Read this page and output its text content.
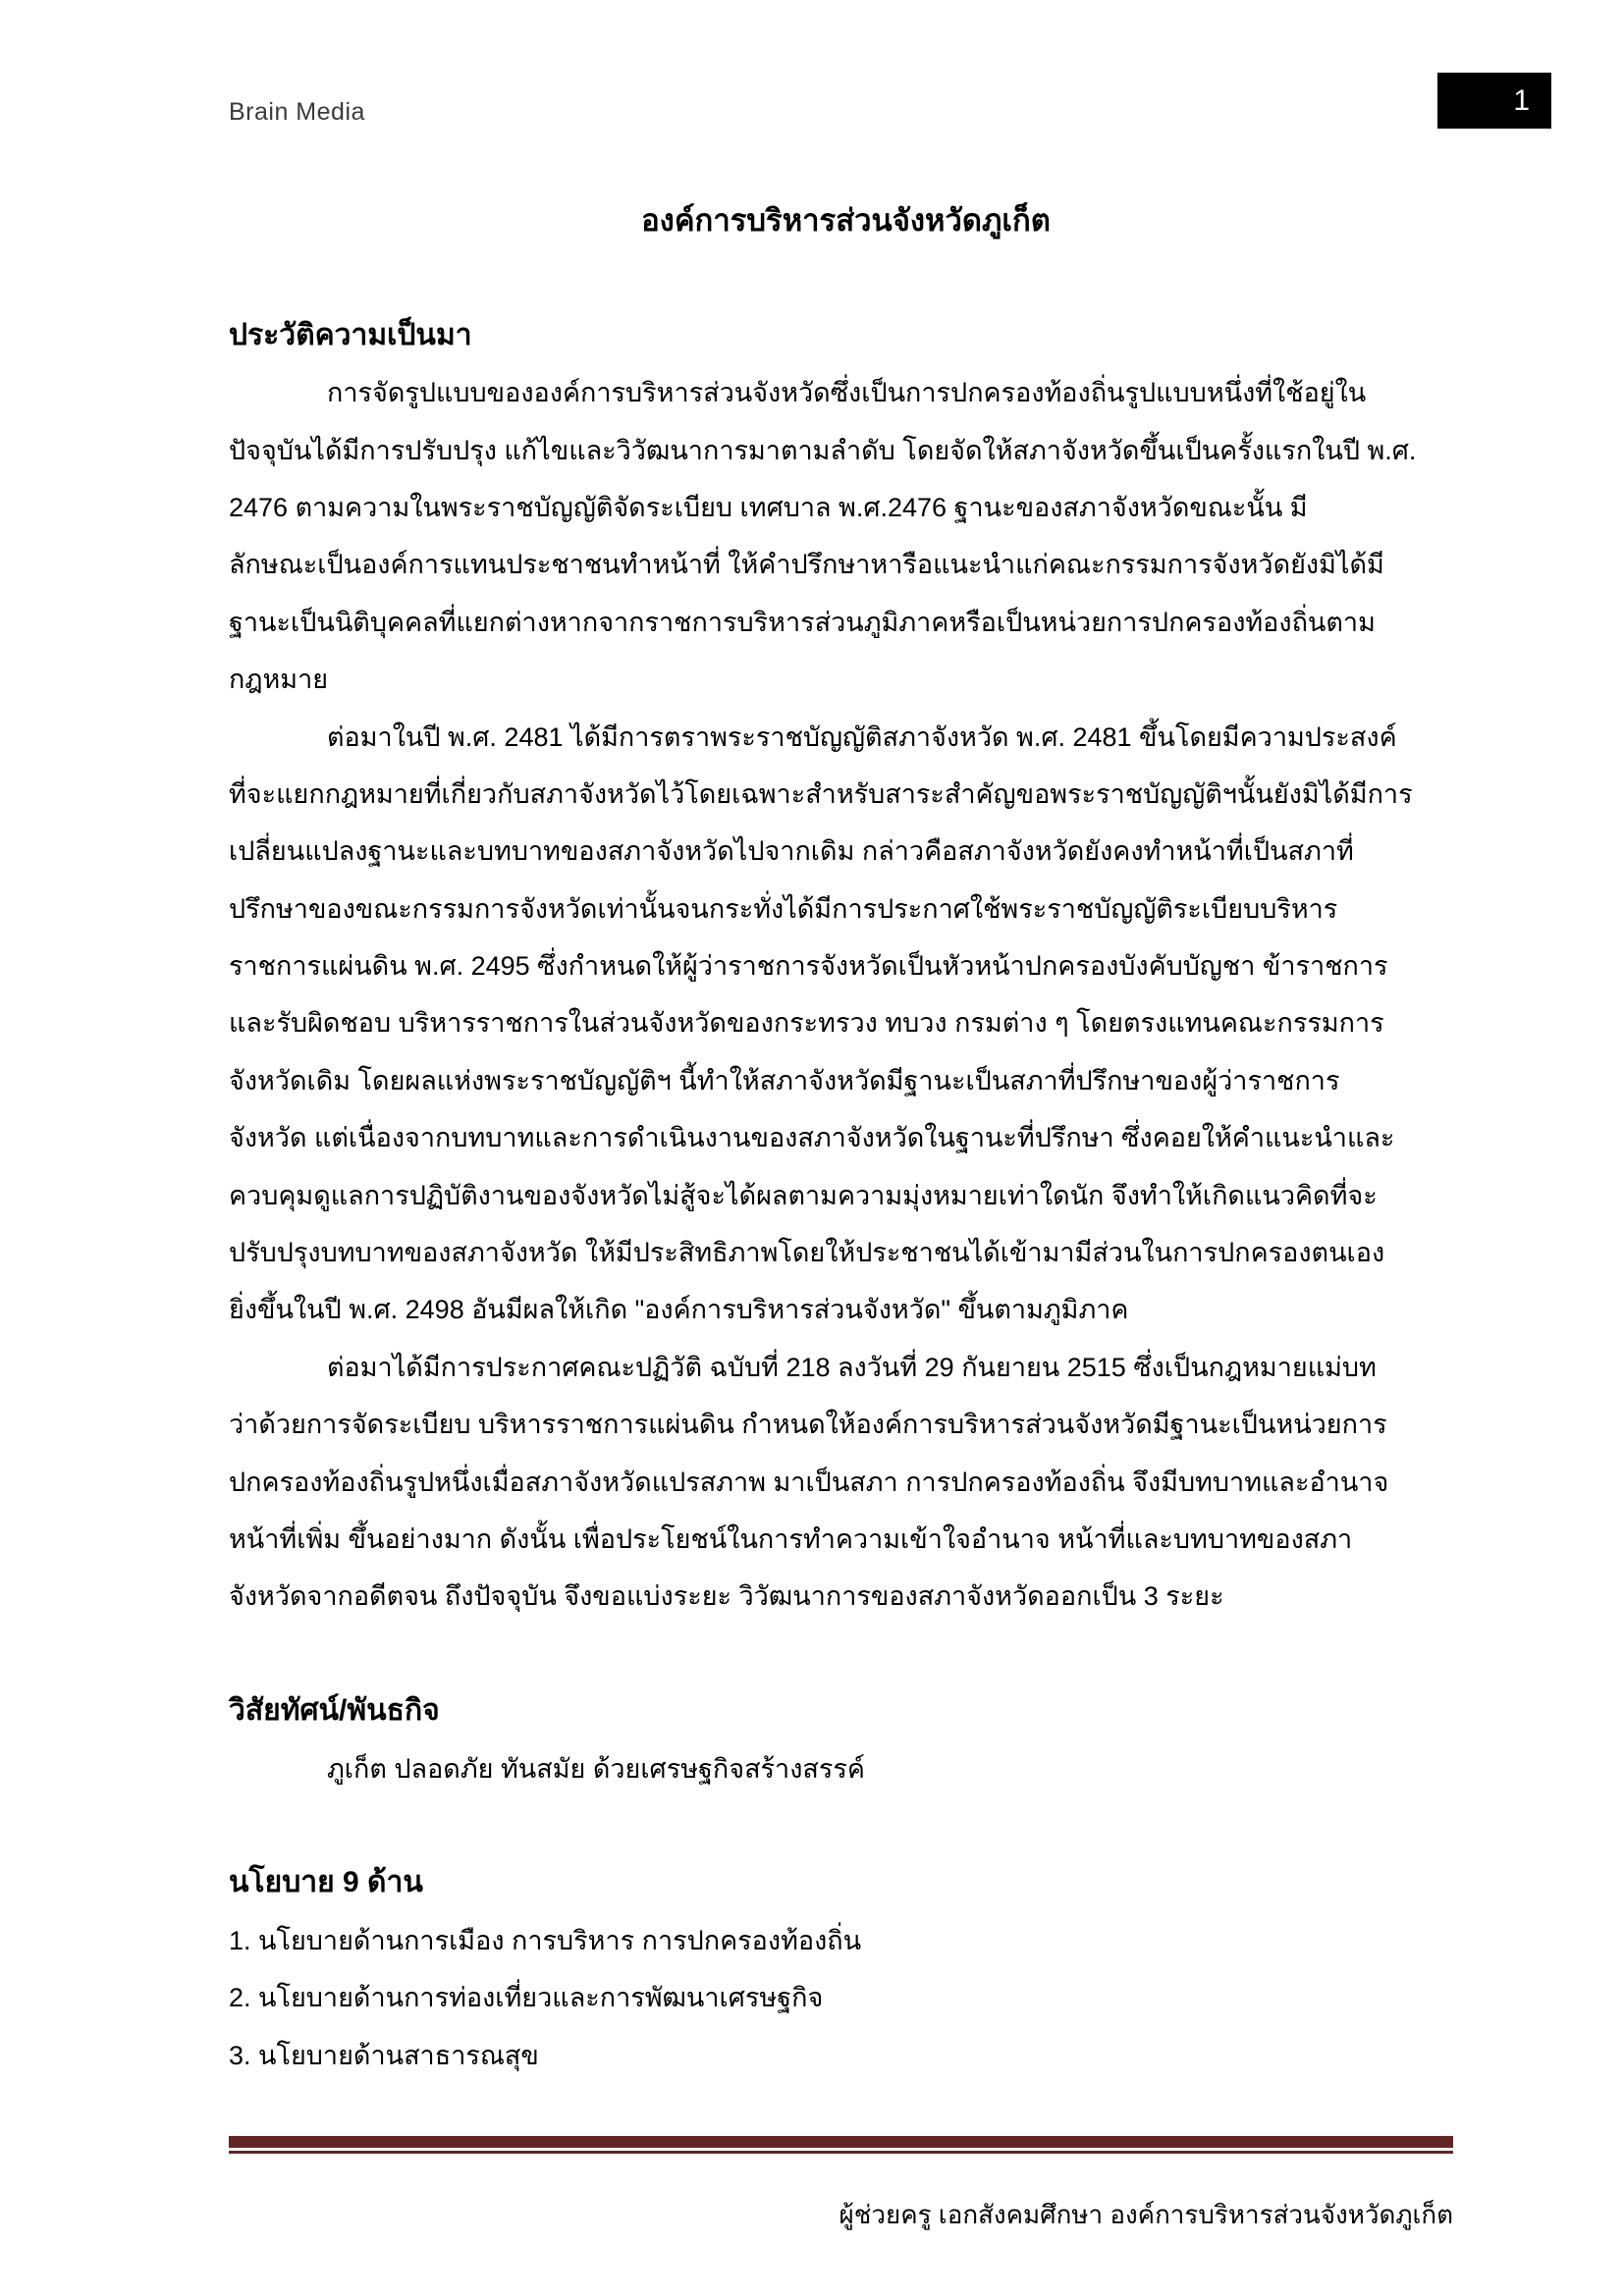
Brain Media	1
องค์การบริหารส่วนจังหวัดภูเก็ต
ประวัติความเป็นมา
การจัดรูปแบบขององค์การบริหารส่วนจังหวัดซึ่งเป็นการปกครองท้องถิ่นรูปแบบหนึ่งที่ใช้อยู่ใน
ปัจจุบันได้มีการปรับปรุง แก้ไขและวิวัฒนาการมาตามลำดับ โดยจัดให้สภาจังหวัดขึ้นเป็นครั้งแรกในปี พ.ศ.
2476 ตามความในพระราชบัญญัติจัดระเบียบ เทศบาล พ.ศ.2476 ฐานะของสภาจังหวัดขณะนั้น มี
ลักษณะเป็นองค์การแทนประชาชนทำหน้าที่ ให้คำปรึกษาหารือแนะนำแก่คณะกรรมการจังหวัดยังมิได้มี
ฐานะเป็นนิติบุคคลที่แยกต่างหากจากราชการบริหารส่วนภูมิภาคหรือเป็นหน่วยการปกครองท้องถิ่นตาม
กฎหมาย
ต่อมาในปี พ.ศ. 2481 ได้มีการตราพระราชบัญญัติสภาจังหวัด พ.ศ. 2481 ขึ้นโดยมีความประสงค์
ที่จะแยกกฎหมายที่เกี่ยวกับสภาจังหวัดไว้โดยเฉพาะสำหรับสาระสำคัญขอพระราชบัญญัติฯนั้นยังมิได้มีการ
เปลี่ยนแปลงฐานะและบทบาทของสภาจังหวัดไปจากเดิม กล่าวคือสภาจังหวัดยังคงทำหน้าที่เป็นสภาที่
ปรึกษาของขณะกรรมการจังหวัดเท่านั้นจนกระทั่งได้มีการประกาศใช้พระราชบัญญัติระเบียบบริหาร
ราชการแผ่นดิน พ.ศ. 2495 ซึ่งกำหนดให้ผู้ว่าราชการจังหวัดเป็นหัวหน้าปกครองบังคับบัญชา ข้าราชการ
และรับผิดชอบ บริหารราชการในส่วนจังหวัดของกระทรวง ทบวง กรมต่าง ๆ โดยตรงแทนคณะกรรมการ
จังหวัดเดิม โดยผลแห่งพระราชบัญญัติฯ นี้ทำให้สภาจังหวัดมีฐานะเป็นสภาที่ปรึกษาของผู้ว่าราชการ
จังหวัด แต่เนื่องจากบทบาทและการดำเนินงานของสภาจังหวัดในฐานะที่ปรึกษา ซึ่งคอยให้คำแนะนำและ
ควบคุมดูแลการปฏิบัติงานของจังหวัดไม่สู้จะได้ผลตามความมุ่งหมายเท่าใดนัก จึงทำให้เกิดแนวคิดที่จะ
ปรับปรุงบทบาทของสภาจังหวัด ให้มีประสิทธิภาพโดยให้ประชาชนได้เข้ามามีส่วนในการปกครองตนเอง
ยิ่งขึ้นในปี พ.ศ. 2498 อันมีผลให้เกิด "องค์การบริหารส่วนจังหวัด" ขึ้นตามภูมิภาค
ต่อมาได้มีการประกาศคณะปฏิวัติ ฉบับที่ 218 ลงวันที่ 29 กันยายน 2515 ซึ่งเป็นกฎหมายแม่บท
ว่าด้วยการจัดระเบียบ บริหารราชการแผ่นดิน กำหนดให้องค์การบริหารส่วนจังหวัดมีฐานะเป็นหน่วยการ
ปกครองท้องถิ่นรูปหนึ่งเมื่อสภาจังหวัดแปรสภาพ มาเป็นสภา การปกครองท้องถิ่น จึงมีบทบาทและอำนาจ
หน้าที่เพิ่ม ขึ้นอย่างมาก ดังนั้น เพื่อประโยชน์ในการทำความเข้าใจอำนาจ หน้าที่และบทบาทของสภา
จังหวัดจากอดีตจน ถึงปัจจุบัน จึงขอแบ่งระยะ วิวัฒนาการของสภาจังหวัดออกเป็น 3 ระยะ
วิสัยทัศน์/พันธกิจ
ภูเก็ต ปลอดภัย ทันสมัย ด้วยเศรษฐกิจสร้างสรรค์
นโยบาย 9 ด้าน
1. นโยบายด้านการเมือง การบริหาร การปกครองท้องถิ่น
2. นโยบายด้านการท่องเที่ยวและการพัฒนาเศรษฐกิจ
3. นโยบายด้านสาธารณสุข
ผู้ช่วยครู เอกสังคมศึกษา องค์การบริหารส่วนจังหวัดภูเก็ต
